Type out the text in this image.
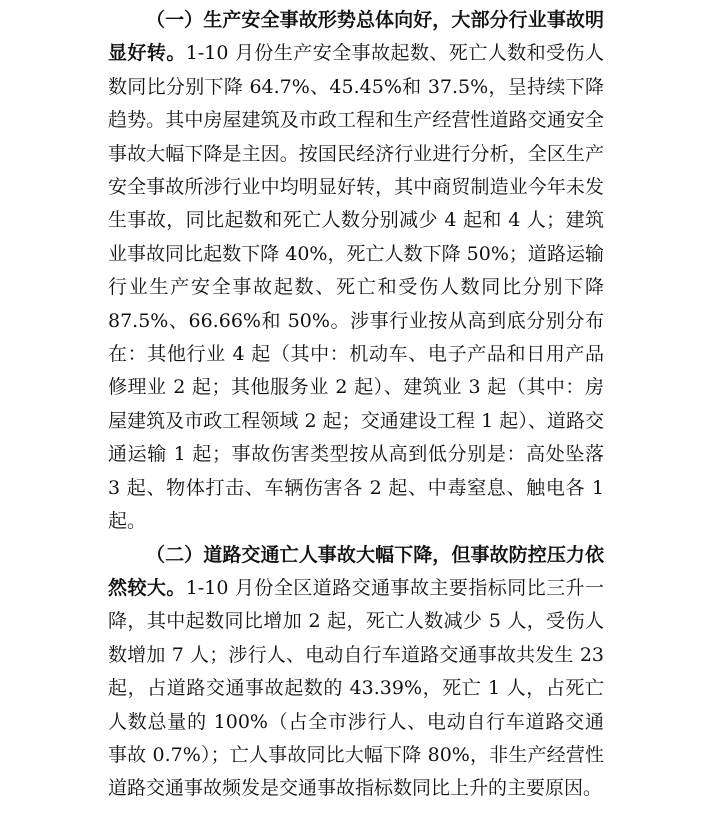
（一）生产安全事故形势总体向好，大部分行业事故明显好转。1-10 月份生产安全事故起数、死亡人数和受伤人数同比分别下降 64.7%、45.45%和 37.5%，呈持续下降趋势。其中房屋建筑及市政工程和生产经营性道路交通安全事故大幅下降是主因。按国民经济行业进行分析，全区生产安全事故所涉行业中均明显好转，其中商贸制造业今年未发生事故，同比起数和死亡人数分别减少 4 起和 4 人；建筑业事故同比起数下降 40%，死亡人数下降 50%；道路运输行业生产安全事故起数、死亡和受伤人数同比分别下降 87.5%、66.66%和 50%。涉事行业按从高到底分别分布在：其他行业 4 起（其中：机动车、电子产品和日用产品修理业 2 起；其他服务业 2 起）、建筑业 3 起（其中：房屋建筑及市政工程领域 2 起；交通建设工程 1 起）、道路交通运输 1 起；事故伤害类型按从高到低分别是：高处坠落 3 起、物体打击、车辆伤害各 2 起、中毒窒息、触电各 1 起。

（二）道路交通亡人事故大幅下降，但事故防控压力依然较大。1-10 月份全区道路交通事故主要指标同比三升一降，其中起数同比增加 2 起，死亡人数减少 5 人，受伤人数增加 7 人；涉行人、电动自行车道路交通事故共发生 23 起，占道路交通事故起数的 43.39%，死亡 1 人，占死亡人数总量的 100%（占全市涉行人、电动自行车道路交通事故 0.7%）；亡人事故同比大幅下降 80%，非生产经营性道路交通事故频发是交通事故指标数同比上升的主要原因。
